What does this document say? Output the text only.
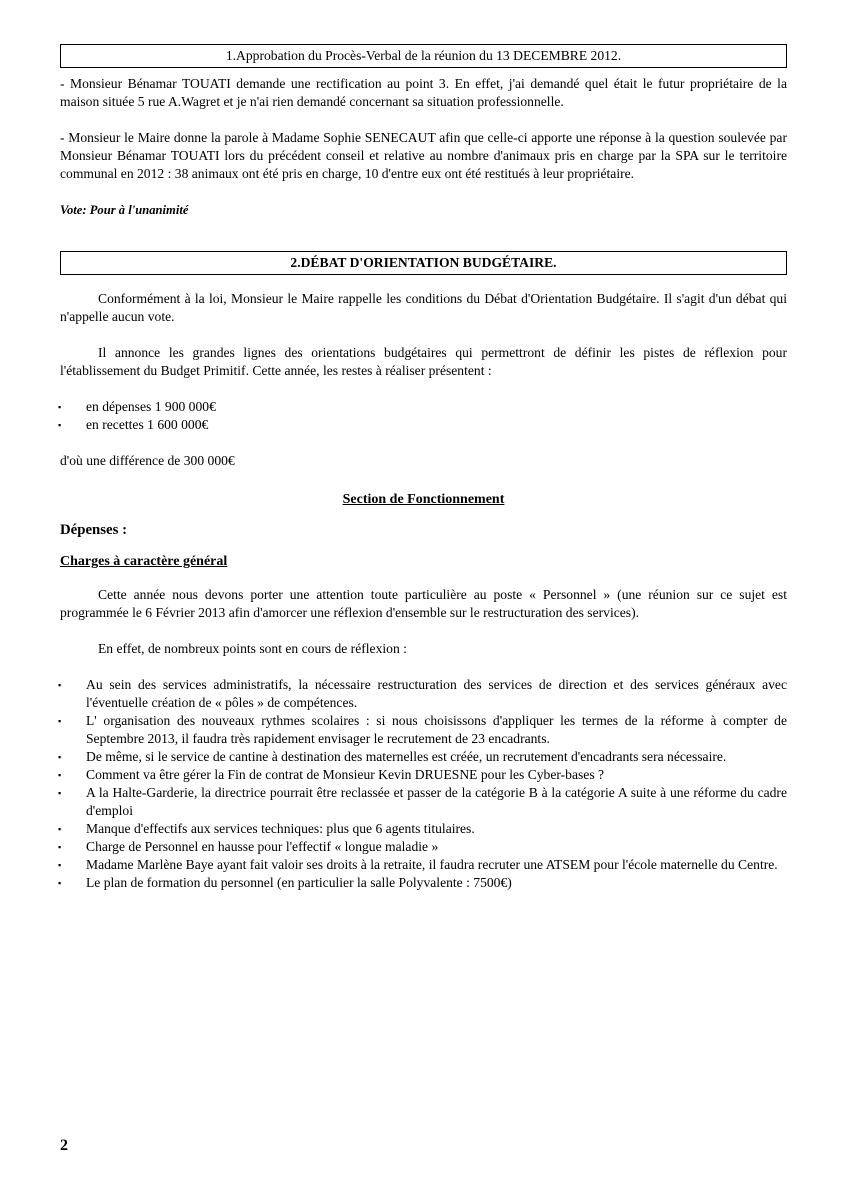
1.Approbation du Procès-Verbal de la réunion du 13 DECEMBRE 2012.

- Monsieur Bénamar TOUATI demande une rectification au point 3. En effet, j'ai demandé quel était le futur propriétaire de la maison située 5 rue A.Wagret et je n'ai rien demandé concernant sa situation professionnelle.

- Monsieur le Maire donne la parole à Madame Sophie SENECAUT afin que celle-ci apporte une réponse à la question soulevée par Monsieur Bénamar TOUATI lors du précédent conseil et relative au nombre d'animaux pris en charge par la SPA sur le territoire communal en 2012 : 38 animaux ont été pris en charge, 10 d'entre eux ont été restitués à leur propriétaire.

Vote: Pour à l'unanimité

2.DÉBAT D'ORIENTATION BUDGÉTAIRE.

Conformément à la loi, Monsieur le Maire rappelle les conditions du Débat d'Orientation Budgétaire. Il s'agit d'un débat qui n'appelle aucun vote.

Il annonce les grandes lignes des orientations budgétaires qui permettront de définir les pistes de réflexion pour l'établissement du Budget Primitif. Cette année, les restes à réaliser présentent :

▪ en dépenses 1 900 000€
▪ en recettes 1 600 000€

d'où une différence de 300 000€

Section de Fonctionnement
Dépenses :
Charges à caractère général

Cette année nous devons porter une attention toute particulière au poste « Personnel » (une réunion sur ce sujet est programmée le 6 Février 2013 afin d'amorcer une réflexion d'ensemble sur le restructuration des services).

En effet, de nombreux points sont en cours de réflexion :

▪ Au sein des services administratifs, la nécessaire restructuration des services de direction et des services généraux avec l'éventuelle création de « pôles » de compétences.
▪ L' organisation des nouveaux rythmes scolaires : si nous choisissons d'appliquer les termes de la réforme à compter de Septembre 2013, il faudra très rapidement envisager le recrutement de 23 encadrants.
▪ De même, si le service de cantine à destination des maternelles est créée, un recrutement d'encadrants sera nécessaire.
▪ Comment va être gérer la Fin de contrat de Monsieur Kevin DRUESNE pour les Cyber-bases ?
▪ A la Halte-Garderie, la directrice pourrait être reclassée et passer de la catégorie B à la catégorie A suite à une réforme du cadre d'emploi
▪ Manque d'effectifs aux services techniques: plus que 6 agents titulaires.
▪ Charge de Personnel en hausse pour l'effectif « longue maladie »
▪ Madame Marlène Baye ayant fait valoir ses droits à la retraite, il faudra recruter une ATSEM pour l'école maternelle du Centre.
▪ Le plan de formation du personnel (en particulier la salle Polyvalente : 7500€)
2
